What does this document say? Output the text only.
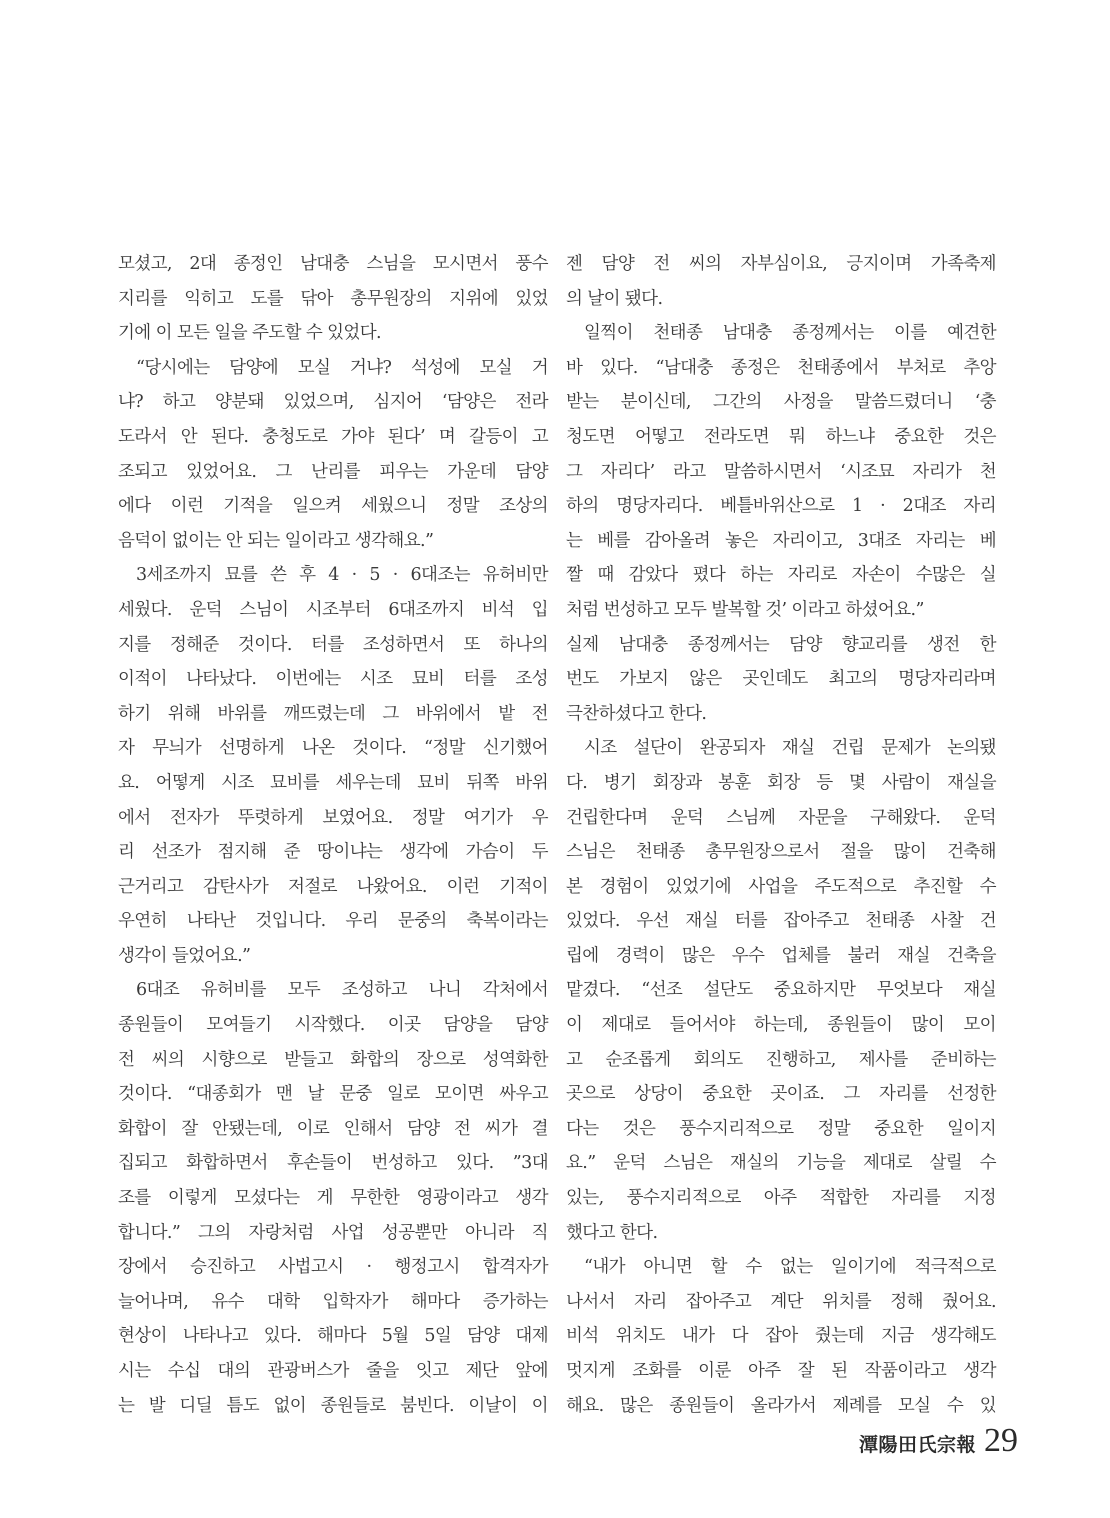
모셨고, 2대 종정인 남대충 스님을 모시면서 풍수
지리를 익히고 도를 닦아 총무원장의 지위에 있었
기에 이 모든 일을 주도할 수 있었다.
“당시에는 담양에 모실 거냐? 석성에 모실 거
냐? 하고 양분돼 있었으며, 심지어 ‘담양은 전라
도라서 안 된다. 충청도로 가야 된다’ 며 갈등이 고
조되고 있었어요. 그 난리를 피우는 가운데 담양
에다 이런 기적을 일으켜 세웠으니 정말 조상의
음덕이 없이는 안 되는 일이라고 생각해요.”
3세조까지 묘를 쓴 후 4 · 5 · 6대조는 유허비만
세웠다. 운덕 스님이 시조부터 6대조까지 비석 입
지를 정해준 것이다. 터를 조성하면서 또 하나의
이적이 나타났다. 이번에는 시조 묘비 터를 조성
하기 위해 바위를 깨뜨렸는데 그 바위에서 밭 전
자 무늬가 선명하게 나온 것이다. “정말 신기했어
요. 어떻게 시조 묘비를 세우는데 묘비 뒤쪽 바위
에서 전자가 뚜렷하게 보였어요. 정말 여기가 우
리 선조가 점지해 준 땅이냐는 생각에 가슴이 두
근거리고 감탄사가 저절로 나왔어요. 이런 기적이
우연히 나타난 것입니다. 우리 문중의 축복이라는
생각이 들었어요.”
6대조 유허비를 모두 조성하고 나니 각처에서
종원들이 모여들기 시작했다. 이곳 담양을 담양
전 씨의 시향으로 받들고 화합의 장으로 성역화한
것이다. “대종회가 맨 날 문중 일로 모이면 싸우고
화합이 잘 안됐는데, 이로 인해서 담양 전 씨가 결
집되고 화합하면서 후손들이 번성하고 있다. ”3대
조를 이렇게 모셨다는 게 무한한 영광이라고 생각
합니다.” 그의 자랑처럼 사업 성공뿐만 아니라 직
장에서 승진하고 사법고시 · 행정고시 합격자가
늘어나며, 유수 대학 입학자가 해마다 증가하는
현상이 나타나고 있다. 해마다 5월 5일 담양 대제
시는 수십 대의 관광버스가 줄을 잇고 제단 앞에
는 발 디딜 틈도 없이 종원들로 붐빈다. 이날이 이
젠 담양 전 씨의 자부심이요, 긍지이며 가족축제
의 날이 됐다.
일찍이 천태종 남대충 종정께서는 이를 예견한
바 있다. “남대충 종정은 천태종에서 부처로 추앙
받는 분이신데, 그간의 사정을 말씀드렸더니 ‘충
청도면 어떻고 전라도면 뭐 하느냐 중요한 것은
그 자리다’ 라고 말씀하시면서 ‘시조묘 자리가 천
하의 명당자리다. 베틀바위산으로 1 · 2대조 자리
는 베를 감아올려 놓은 자리이고, 3대조 자리는 베
짤 때 감았다 폈다 하는 자리로 자손이 수많은 실
처럼 번성하고 모두 발복할 것’ 이라고 하셨어요.”
실제 남대충 종정께서는 담양 향교리를 생전 한
번도 가보지 않은 곳인데도 최고의 명당자리라며
극찬하셨다고 한다.
시조 설단이 완공되자 재실 건립 문제가 논의됐
다. 병기 회장과 봉훈 회장 등 몇 사람이 재실을
건립한다며 운덕 스님께 자문을 구해왔다. 운덕
스님은 천태종 총무원장으로서 절을 많이 건축해
본 경험이 있었기에 사업을 주도적으로 추진할 수
있었다. 우선 재실 터를 잡아주고 천태종 사찰 건
립에 경력이 많은 우수 업체를 불러 재실 건축을
맡겼다. “선조 설단도 중요하지만 무엇보다 재실
이 제대로 들어서야 하는데, 종원들이 많이 모이
고 순조롭게 회의도 진행하고, 제사를 준비하는
곳으로 상당이 중요한 곳이죠. 그 자리를 선정한
다는 것은 풍수지리적으로 정말 중요한 일이지
요.” 운덕 스님은 재실의 기능을 제대로 살릴 수
있는, 풍수지리적으로 아주 적합한 자리를 지정
했다고 한다.
“내가 아니면 할 수 없는 일이기에 적극적으로
나서서 자리 잡아주고 계단 위치를 정해 줬어요.
비석 위치도 내가 다 잡아 줬는데 지금 생각해도
멋지게 조화를 이룬 아주 잘 된 작품이라고 생각
해요. 많은 종원들이 올라가서 제례를 모실 수 있
潭陽田氏宗報 29
